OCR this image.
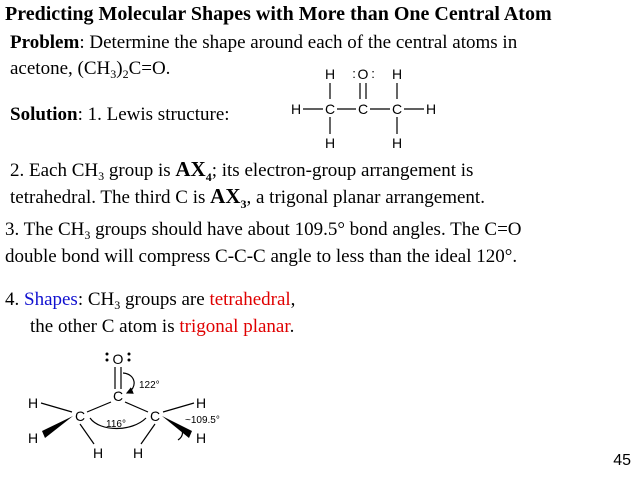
Predicting Molecular Shapes with More than One Central Atom
Problem: Determine the shape around each of the central atoms in
acetone, $(CH_3)_2C=O$.
Solution: 1. Lewis structure:
H	H
O
: :
H C C C H
H	H
2. Each $CH_3$ group is $AX_4$; its electron-group arrangement is
tetrahedral. The third C is $AX_3$, a trigonal planar arrangement.
3. The $CH_3$ groups should have about 109.5° bond angles. The C=O
double bond will compress C-C-C angle to less than the ideal 120°.
4. Shapes: $CH_3$ groups are tetrahedral,
the other C atom is trigonal planar.
O
C
C	C
H
H
H H
H
H
122°
116°	~109.5°
45
